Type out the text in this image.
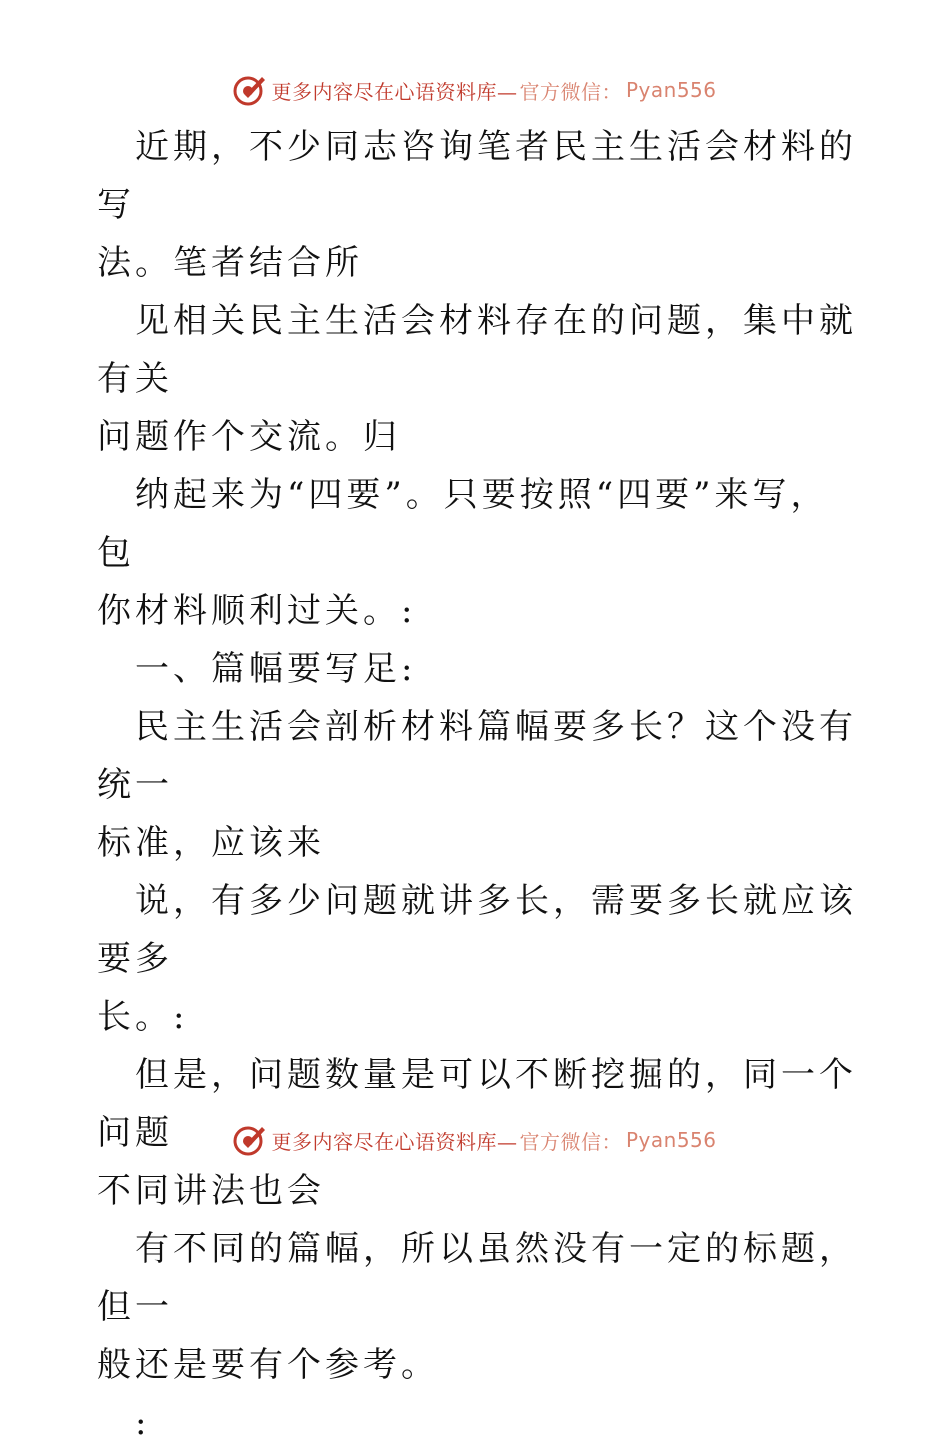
更多内容尽在心语资料库— 官方微信： Pyan556

近期，不少同志咨询笔者民主生活会材料的写

法。笔者结合所

见相关民主生活会材料存在的问题，集中就有关

问题作个交流。归

纳起来为“四要”。只要按照“四要”来写，包

你材料顺利过关。:

一、篇幅要写足:

民主生活会剖析材料篇幅要多长？这个没有统一

标准，应该来

说，有多少问题就讲多长，需要多长就应该要多

长。:

但是，问题数量是可以不断挖掘的，同一个问题

不同讲法也会

有不同的篇幅，所以虽然没有一定的标题，但一

般还是要有个参考。

:

更多内容尽在心语资料库— 官方微信： Pyan556
